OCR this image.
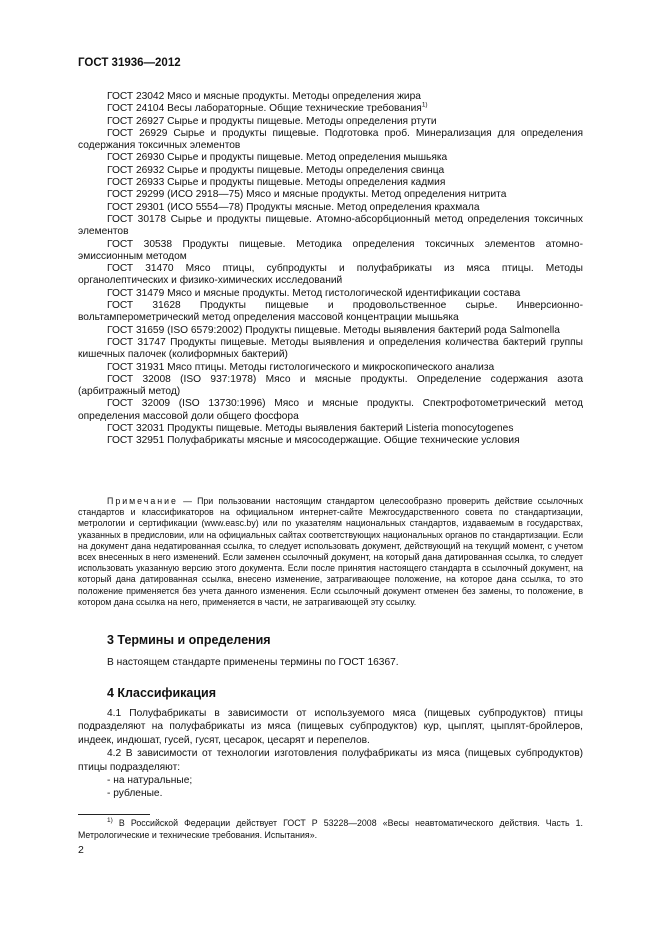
ГОСТ 31936—2012
ГОСТ 23042 Мясо и мясные продукты. Методы определения жира
ГОСТ 24104 Весы лабораторные. Общие технические требования$^{1)}$
ГОСТ 26927 Сырье и продукты пищевые. Методы определения ртути
ГОСТ 26929 Сырье и продукты пищевые. Подготовка проб. Минерализация для определения содержания токсичных элементов
ГОСТ 26930 Сырье и продукты пищевые. Метод определения мышьяка
ГОСТ 26932 Сырье и продукты пищевые. Методы определения свинца
ГОСТ 26933 Сырье и продукты пищевые. Методы определения кадмия
ГОСТ 29299 (ИСО 2918—75) Мясо и мясные продукты. Метод определения нитрита
ГОСТ 29301 (ИСО 5554—78) Продукты мясные. Метод определения крахмала
ГОСТ 30178 Сырье и продукты пищевые. Атомно-абсорбционный метод определения токсичных элементов
ГОСТ 30538 Продукты пищевые. Методика определения токсичных элементов атомно-эмиссионным методом
ГОСТ 31470 Мясо птицы, субпродукты и полуфабрикаты из мяса птицы. Методы органолептических и физико-химических исследований
ГОСТ 31479 Мясо и мясные продукты. Метод гистологической идентификации состава
ГОСТ 31628 Продукты пищевые и продовольственное сырье. Инверсионно-вольтамперометрический метод определения массовой концентрации мышьяка
ГОСТ 31659 (ISO 6579:2002) Продукты пищевые. Методы выявления бактерий рода Salmonella
ГОСТ 31747 Продукты пищевые. Методы выявления и определения количества бактерий группы кишечных палочек (колиформных бактерий)
ГОСТ 31931 Мясо птицы. Методы гистологического и микроскопического анализа
ГОСТ 32008 (ISO 937:1978) Мясо и мясные продукты. Определение содержания азота (арбитражный метод)
ГОСТ 32009 (ISO 13730:1996) Мясо и мясные продукты. Спектрофотометрический метод определения массовой доли общего фосфора
ГОСТ 32031 Продукты пищевые. Методы выявления бактерий Listeria monocytogenes
ГОСТ 32951 Полуфабрикаты мясные и мясосодержащие. Общие технические условия
Примечание — При пользовании настоящим стандартом целесообразно проверить действие ссылочных стандартов и классификаторов на официальном интернет-сайте Межгосударственного совета по стандартизации, метрологии и сертификации (www.easc.by) или по указателям национальных стандартов, издаваемым в государствах, указанных в предисловии, или на официальных сайтах соответствующих национальных органов по стандартизации. Если на документ дана недатированная ссылка, то следует использовать документ, действующий на текущий момент, с учетом всех внесенных в него изменений. Если заменен ссылочный документ, на который дана датированная ссылка, то следует использовать указанную версию этого документа. Если после принятия настоящего стандарта в ссылочный документ, на который дана датированная ссылка, внесено изменение, затрагивающее положение, на которое дана ссылка, то это положение применяется без учета данного изменения. Если ссылочный документ отменен без замены, то положение, в котором дана ссылка на него, применяется в части, не затрагивающей эту ссылку.
3 Термины и определения
В настоящем стандарте применены термины по ГОСТ 16367.
4 Классификация
4.1 Полуфабрикаты в зависимости от используемого мяса (пищевых субпродуктов) птицы подразделяют на полуфабрикаты из мяса (пищевых субпродуктов) кур, цыплят, цыплят-бройлеров, индеек, индюшат, гусей, гусят, цесарок, цесарят и перепелов.
4.2 В зависимости от технологии изготовления полуфабрикаты из мяса (пищевых субпродуктов) птицы подразделяют:
- на натуральные;
- рубленые.
$^{1)}$ В Российской Федерации действует ГОСТ Р 53228—2008 «Весы неавтоматического действия. Часть 1. Метрологические и технические требования. Испытания».
2
